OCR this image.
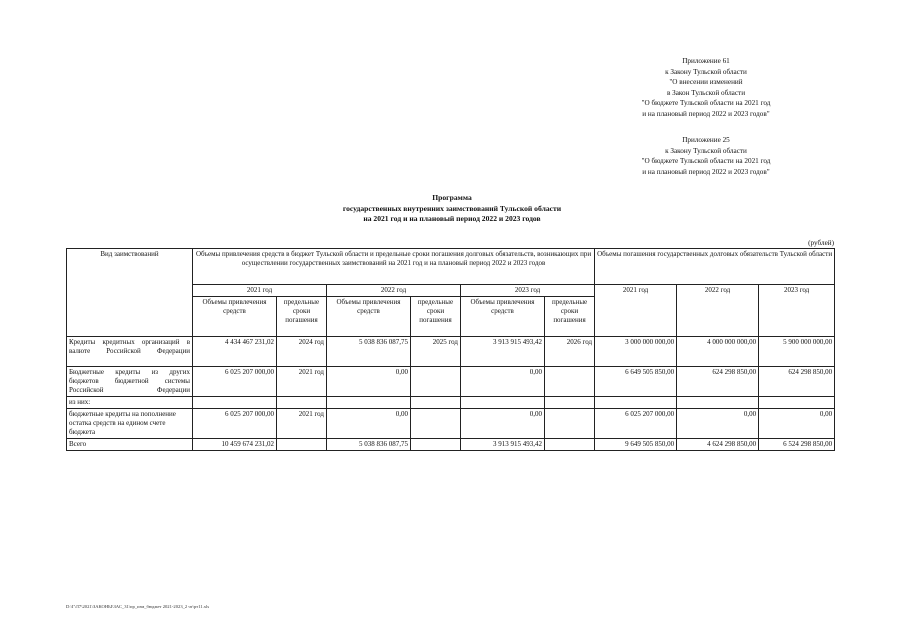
Приложение 61
к Закону Тульской области
"О внесении изменений
в Закон Тульской области
"О бюджете Тульской области на 2021 год
и на плановый период 2022 и 2023 годов"
Приложение 25
к Закону Тульской области
"О бюджете Тульской области на 2021 год
и на плановый период 2022 и 2023 годов"
Программа
государственных внутренних заимствований Тульской области
на 2021 год и на плановый период 2022 и 2023 годов
(рублей)
Вид заимствований	Объемы привлечения средств в бюджет Тульской области и предельные сроки погашения долговых обязательств, возникающих при осуществлении государственных заимствований на 2021 год и на плановый период 2022 и 2023 годов						Объемы погашения государственных долговых обязательств Тульской области		
	2021 год		2022 год		2023 год		2021 год	2022 год	2023 год
	Объемы привлечения средств	предельные сроки погашения	Объемы привлечения средств	предельные сроки погашения	Объемы привлечения средств	предельные сроки погашения			
Кредиты кредитных организаций в валюте Российской Федерации	4 434 467 231,02	2024 год	5 038 836 087,75	2025 год	3 913 915 493,42	2026 год	3 000 000 000,00	4 000 000 000,00	5 900 000 000,00
Бюджетные кредиты из других бюджетов бюджетной системы Российской Федерации	6 025 207 000,00	2021 год	0,00		0,00		6 649 505 850,00	624 298 850,00	624 298 850,00
из них:									
бюджетные кредиты на пополнение остатка средств на едином счете бюджета	6 025 207 000,00	2021 год	0,00		0,00		6 025 207 000,00	0,00	0,00
Всего	10 459 674 231,02		5 038 836 087,75		3 913 915 493,42		9 649 505 850,00	4 624 298 850,00	6 524 298 850,00
D:\Г\Л7\2021\ЗАКОНЫ\ЗАС_31\пр_изм_бюджет 2021-2023_2 чт\рт11.xls
